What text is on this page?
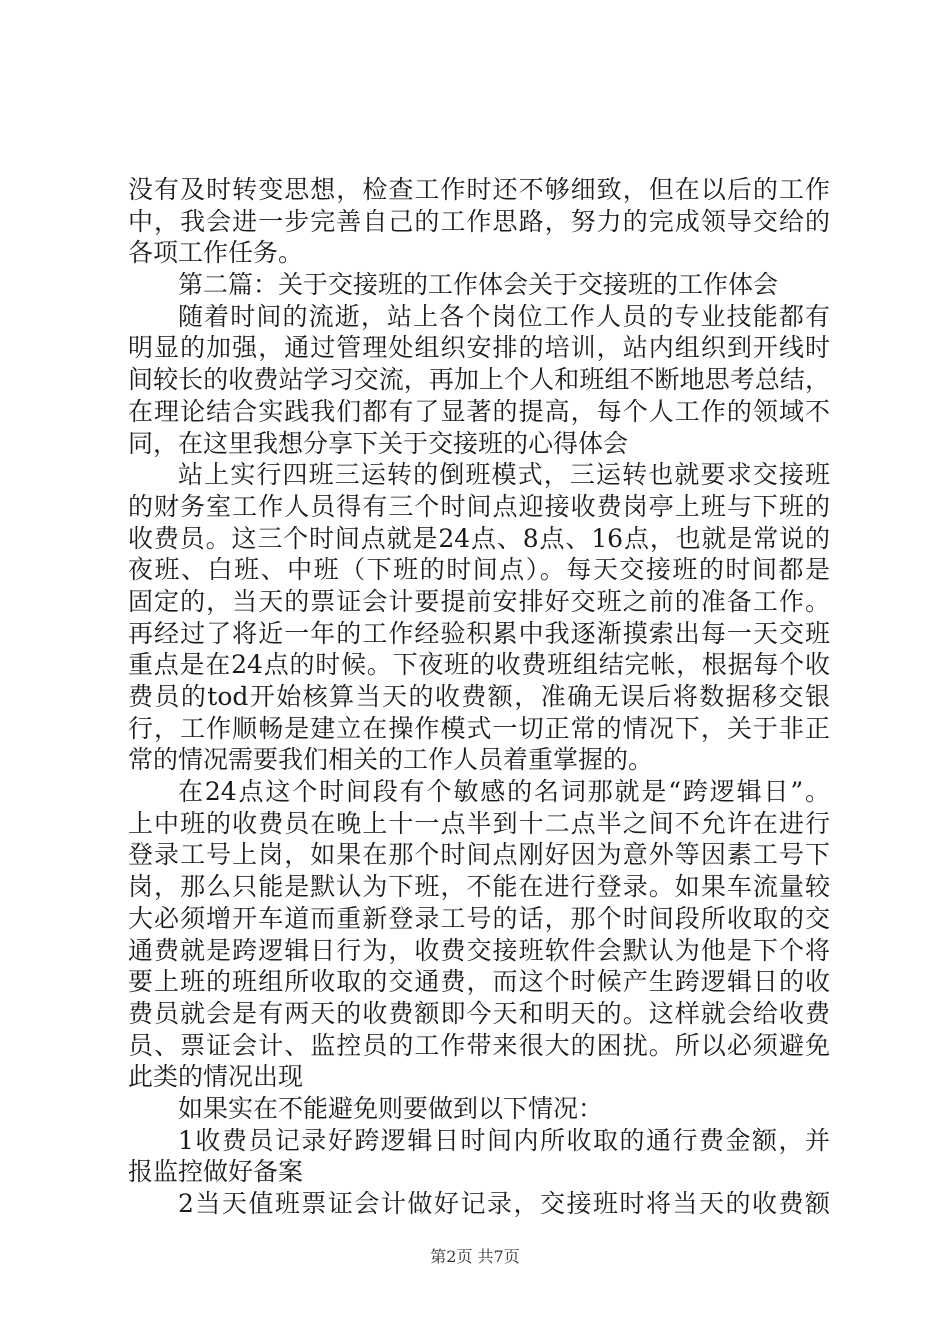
没有及时转变思想，检查工作时还不够细致，但在以后的工作
中，我会进一步完善自己的工作思路，努力的完成领导交给的
各项工作任务。
第二篇：关于交接班的工作体会关于交接班的工作体会
随着时间的流逝，站上各个岗位工作人员的专业技能都有
明显的加强，通过管理处组织安排的培训，站内组织到开线时
间较长的收费站学习交流，再加上个人和班组不断地思考总结，
在理论结合实践我们都有了显著的提高，每个人工作的领域不
同，在这里我想分享下关于交接班的心得体会
站上实行四班三运转的倒班模式，三运转也就要求交接班
的财务室工作人员得有三个时间点迎接收费岗亭上班与下班的
收费员。这三个时间点就是24点、8点、16点，也就是常说的
夜班、白班、中班（下班的时间点）。每天交接班的时间都是
固定的，当天的票证会计要提前安排好交班之前的准备工作。
再经过了将近一年的工作经验积累中我逐渐摸索出每一天交班
重点是在24点的时候。下夜班的收费班组结完帐，根据每个收
费员的tod开始核算当天的收费额，准确无误后将数据移交银
行，工作顺畅是建立在操作模式一切正常的情况下，关于非正
常的情况需要我们相关的工作人员着重掌握的。
在24点这个时间段有个敏感的名词那就是“跨逻辑日”。
上中班的收费员在晚上十一点半到十二点半之间不允许在进行
登录工号上岗，如果在那个时间点刚好因为意外等因素工号下
岗，那么只能是默认为下班，不能在进行登录。如果车流量较
大必须增开车道而重新登录工号的话，那个时间段所收取的交
通费就是跨逻辑日行为，收费交接班软件会默认为他是下个将
要上班的班组所收取的交通费，而这个时候产生跨逻辑日的收
费员就会是有两天的收费额即今天和明天的。这样就会给收费
员、票证会计、监控员的工作带来很大的困扰。所以必须避免
此类的情况出现
如果实在不能避免则要做到以下情况：
1收费员记录好跨逻辑日时间内所收取的通行费金额，并
报监控做好备案
2当天值班票证会计做好记录，交接班时将当天的收费额
第2页 共7页
